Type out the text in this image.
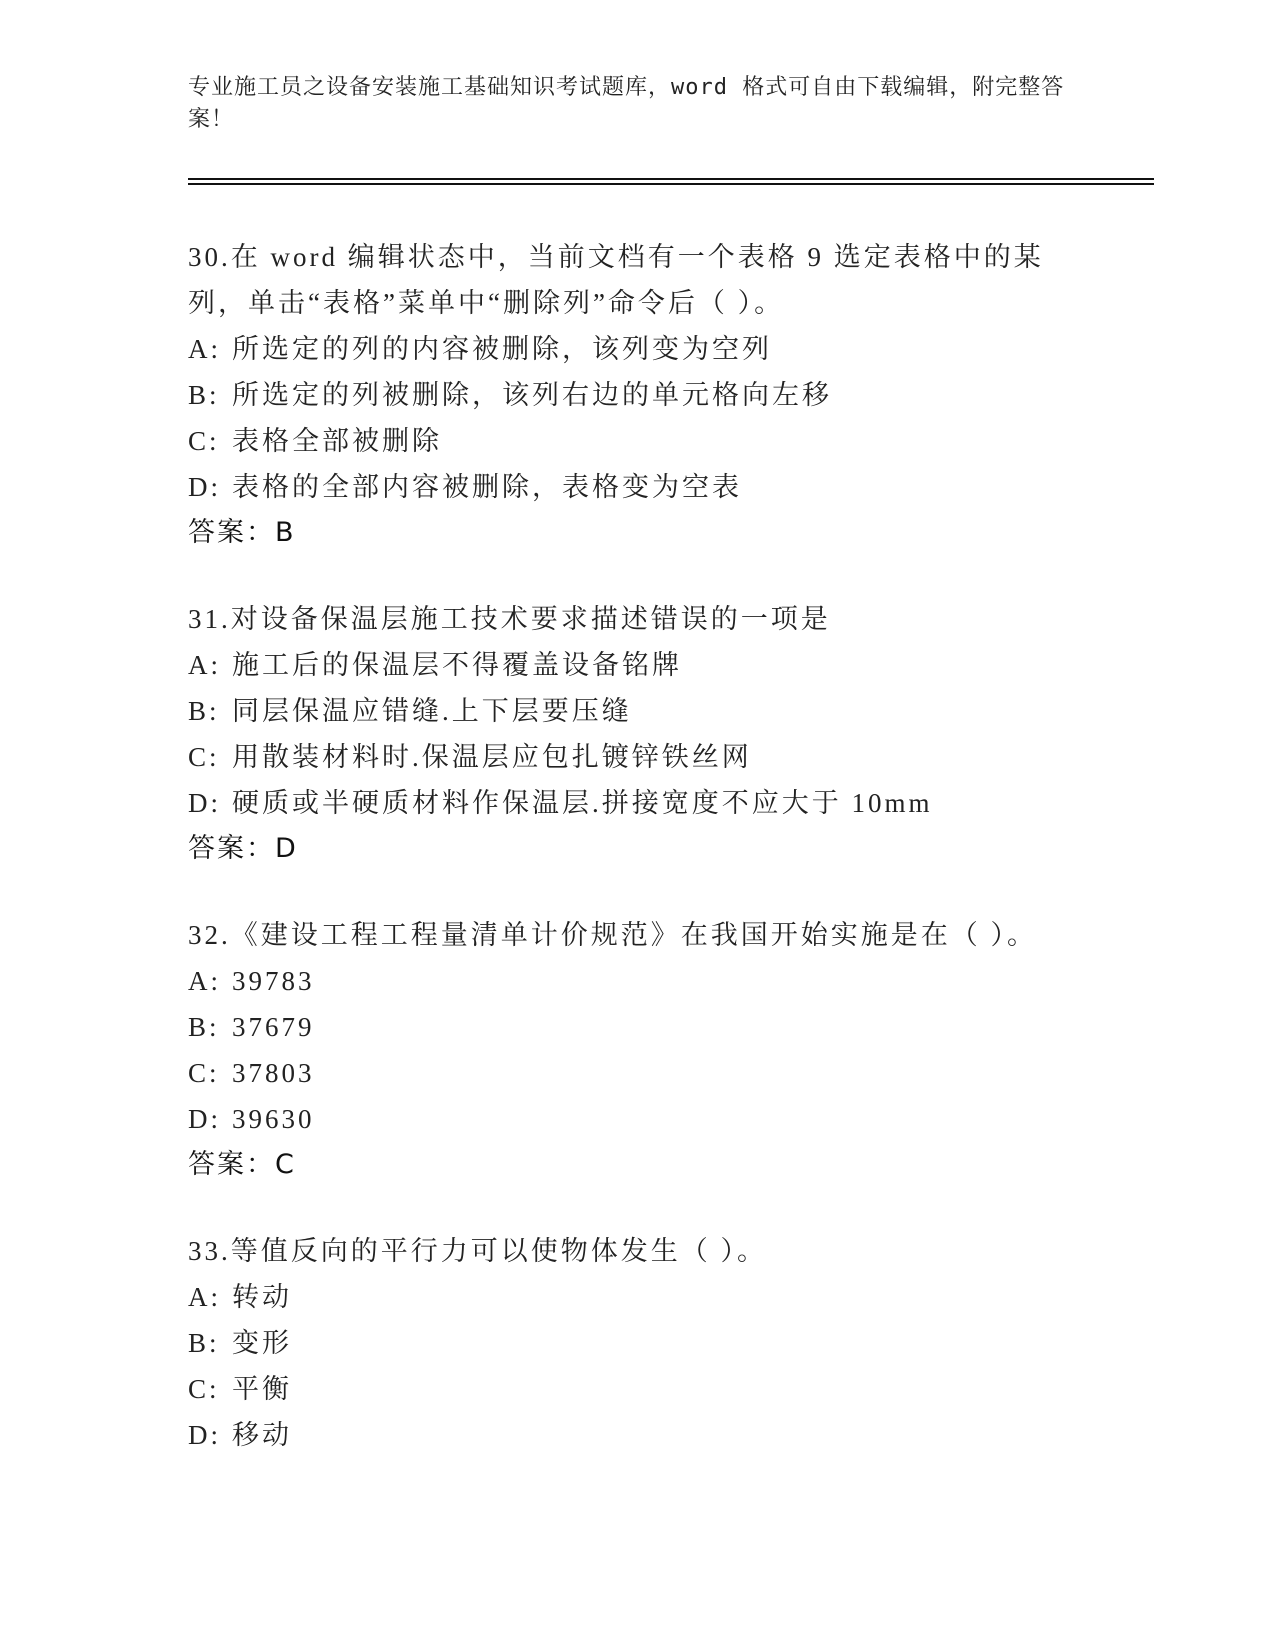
专业施工员之设备安装施工基础知识考试题库，word 格式可自由下载编辑，附完整答案！
30.在 word 编辑状态中，当前文档有一个表格 9 选定表格中的某列，单击“表格”菜单中“删除列”命令后（ ）。
A: 所选定的列的内容被删除，该列变为空列
B: 所选定的列被删除，该列右边的单元格向左移
C: 表格全部被删除
D: 表格的全部内容被删除，表格变为空表
答案：B
31.对设备保温层施工技术要求描述错误的一项是
A: 施工后的保温层不得覆盖设备铭牌
B: 同层保温应错缝.上下层要压缝
C: 用散装材料时.保温层应包扎镀锌铁丝网
D: 硬质或半硬质材料作保温层.拼接宽度不应大于 10mm
答案：D
32.《建设工程工程量清单计价规范》在我国开始实施是在（ ）。
A: 39783
B: 37679
C: 37803
D: 39630
答案：C
33.等值反向的平行力可以使物体发生（ ）。
A: 转动
B: 变形
C: 平衡
D: 移动
